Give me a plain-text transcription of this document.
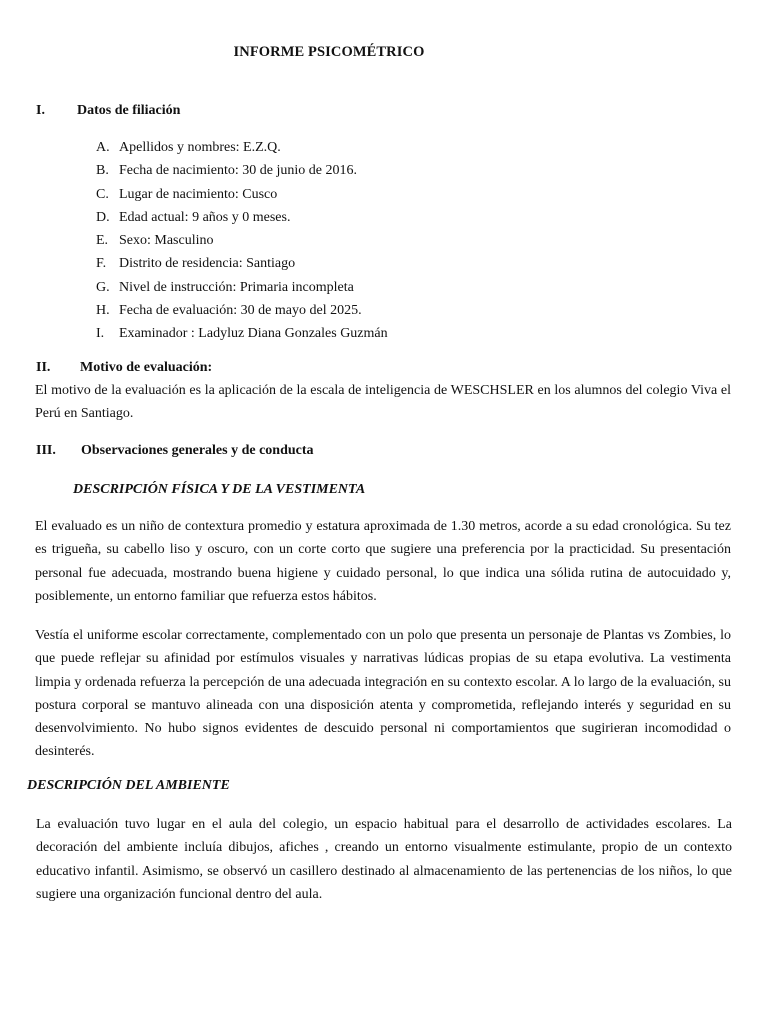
INFORME PSICOMÉTRICO
I. Datos de filiación
A. Apellidos y nombres: E.Z.Q.
B. Fecha de nacimiento: 30 de junio de 2016.
C. Lugar de nacimiento: Cusco
D. Edad actual: 9 años y 0 meses.
E. Sexo: Masculino
F. Distrito de residencia: Santiago
G. Nivel de instrucción: Primaria incompleta
H. Fecha de evaluación: 30 de mayo del 2025.
I. Examinador : Ladyluz Diana Gonzales Guzmán
II. Motivo de evaluación:

El motivo de la evaluación es la aplicación de la escala de inteligencia de WESCHSLER en los alumnos del colegio Viva el Perú en Santiago.

III. Observaciones generales y de conducta
DESCRIPCIÓN FÍSICA Y DE LA VESTIMENTA

El evaluado es un niño de contextura promedio y estatura aproximada de 1.30 metros, acorde a su edad cronológica. Su tez es trigueña, su cabello liso y oscuro, con un corte corto que sugiere una preferencia por la practicidad. Su presentación personal fue adecuada, mostrando buena higiene y cuidado personal, lo que indica una sólida rutina de autocuidado y, posiblemente, un entorno familiar que refuerza estos hábitos.

Vestía el uniforme escolar correctamente, complementado con un polo que presenta un personaje de Plantas vs Zombies, lo que puede reflejar su afinidad por estímulos visuales y narrativas lúdicas propias de su etapa evolutiva. La vestimenta limpia y ordenada refuerza la percepción de una adecuada integración en su contexto escolar. A lo largo de la evaluación, su postura corporal se mantuvo alineada con una disposición atenta y comprometida, reflejando interés y seguridad en su desenvolvimiento. No hubo signos evidentes de descuido personal ni comportamientos que sugirieran incomodidad o desinterés.

DESCRIPCIÓN DEL AMBIENTE

La evaluación tuvo lugar en el aula del colegio, un espacio habitual para el desarrollo de actividades escolares. La decoración del ambiente incluía dibujos, afiches , creando un entorno visualmente estimulante, propio de un contexto educativo infantil. Asimismo, se observó un casillero destinado al almacenamiento de las pertenencias de los niños, lo que sugiere una organización funcional dentro del aula.
